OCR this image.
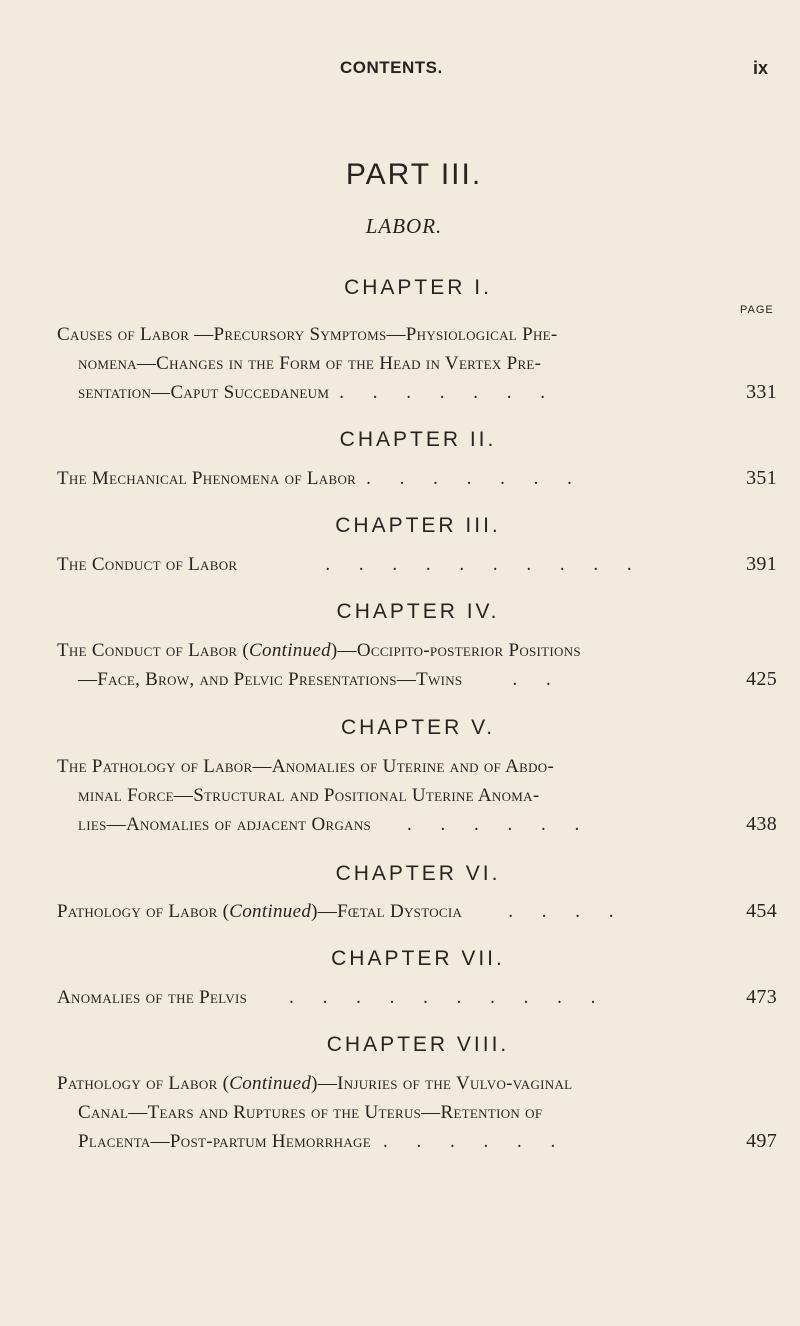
CONTENTS.	ix
PART III.
LABOR.
CHAPTER I.
PAGE
Causes of Labor —Precursory Symptoms—Physiological Phe-
nomena—Changes in the Form of the Head in Vertex Pre-
sentation—Caput Succedaneum . . . . . . .	331
CHAPTER II.
The Mechanical Phenomena of Labor . . . . . . .	351
CHAPTER III.
The Conduct of Labor	. . . . . . . . . .	391
CHAPTER IV.
The Conduct of Labor (Continued)—Occipito-posterior Positions
—Face, Brow, and Pelvic Presentations—Twins	. .	425
CHAPTER V.
The Pathology of Labor—Anomalies of Uterine and of Abdo-
minal Force—Structural and Positional Uterine Anoma-
lies—Anomalies of adjacent Organs . . . . . .	438
CHAPTER VI.
Pathology of Labor (Continued)—Fœtal Dystocia . . . .	454
CHAPTER VII.
Anomalies of the Pelvis . . . . . . . . . .	473
CHAPTER VIII.
Pathology of Labor (Continued)—Injuries of the Vulvo-vaginal
Canal—Tears and Ruptures of the Uterus—Retention of
Placenta—Post-partum Hemorrhage . . . . . .	497
